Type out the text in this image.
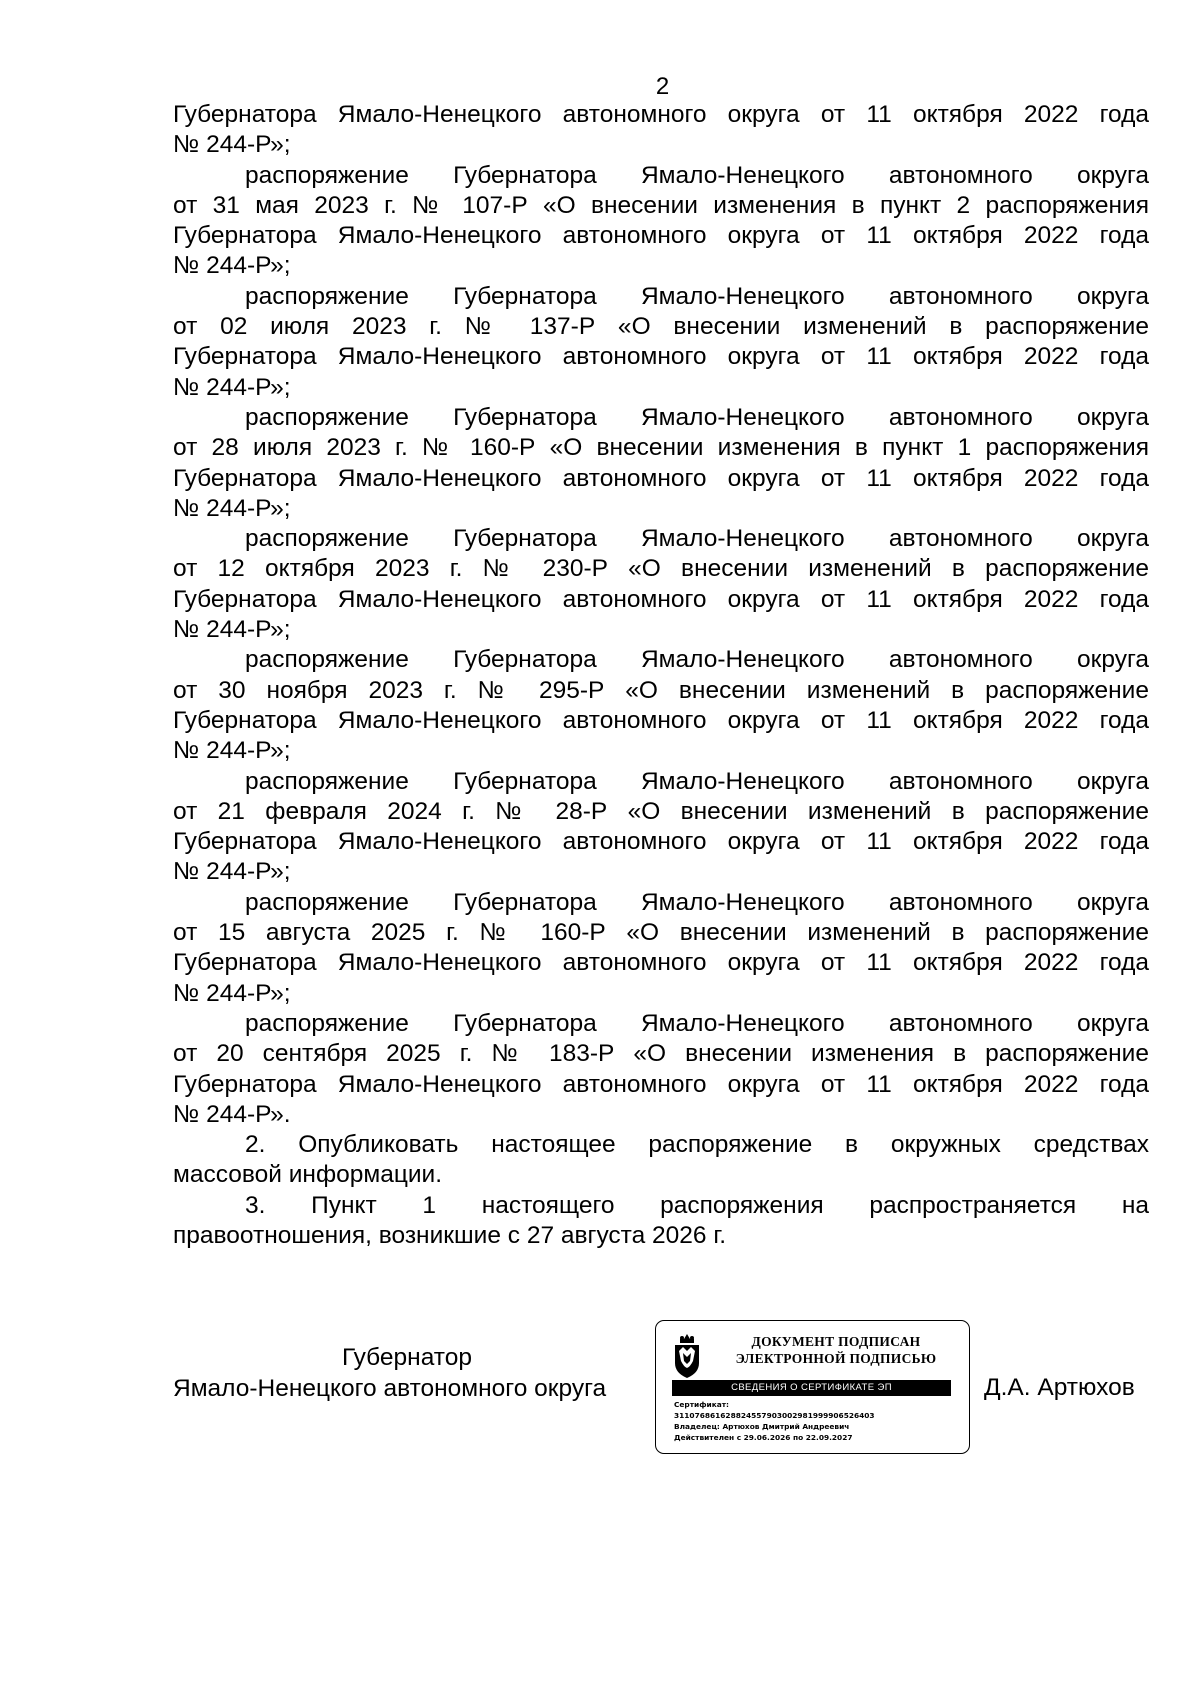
2
Губернатора Ямало-Ненецкого автономного округа от 11 октября 2022 года
№ 244-Р»;
распоряжение Губернатора Ямало-Ненецкого автономного округа
от 31 мая 2023 г. № 107-Р «О внесении изменения в пункт 2 распоряжения
Губернатора Ямало-Ненецкого автономного округа от 11 октября 2022 года
№ 244-Р»;
распоряжение Губернатора Ямало-Ненецкого автономного округа
от 02 июля 2023 г. № 137-Р «О внесении изменений в распоряжение
Губернатора Ямало-Ненецкого автономного округа от 11 октября 2022 года
№ 244-Р»;
распоряжение Губернатора Ямало-Ненецкого автономного округа
от 28 июля 2023 г. № 160-Р «О внесении изменения в пункт 1 распоряжения
Губернатора Ямало-Ненецкого автономного округа от 11 октября 2022 года
№ 244-Р»;
распоряжение Губернатора Ямало-Ненецкого автономного округа
от 12 октября 2023 г. № 230-Р «О внесении изменений в распоряжение
Губернатора Ямало-Ненецкого автономного округа от 11 октября 2022 года
№ 244-Р»;
распоряжение Губернатора Ямало-Ненецкого автономного округа
от 30 ноября 2023 г. № 295-Р «О внесении изменений в распоряжение
Губернатора Ямало-Ненецкого автономного округа от 11 октября 2022 года
№ 244-Р»;
распоряжение Губернатора Ямало-Ненецкого автономного округа
от 21 февраля 2024 г. № 28-Р «О внесении изменений в распоряжение
Губернатора Ямало-Ненецкого автономного округа от 11 октября 2022 года
№ 244-Р»;
распоряжение Губернатора Ямало-Ненецкого автономного округа
от 15 августа 2025 г. № 160-Р «О внесении изменений в распоряжение
Губернатора Ямало-Ненецкого автономного округа от 11 октября 2022 года
№ 244-Р»;
распоряжение Губернатора Ямало-Ненецкого автономного округа
от 20 сентября 2025 г. № 183-Р «О внесении изменения в распоряжение
Губернатора Ямало-Ненецкого автономного округа от 11 октября 2022 года
№ 244-Р».
2. Опубликовать настоящее распоряжение в окружных средствах
массовой информации.
3. Пункт 1 настоящего распоряжения распространяется на
правоотношения, возникшие с 27 августа 2026 г.
Губернатор
Ямало-Ненецкого автономного округа
ДОКУМЕНТ ПОДПИСАН
ЭЛЕКТРОННОЙ ПОДПИСЬЮ
СВЕДЕНИЯ О СЕРТИФИКАТЕ ЭП
Сертификат:
311076861628824557903002981999906526403
Владелец: Артюхов Дмитрий Андреевич
Действителен с 29.06.2026 по 22.09.2027
Д.А. Артюхов
